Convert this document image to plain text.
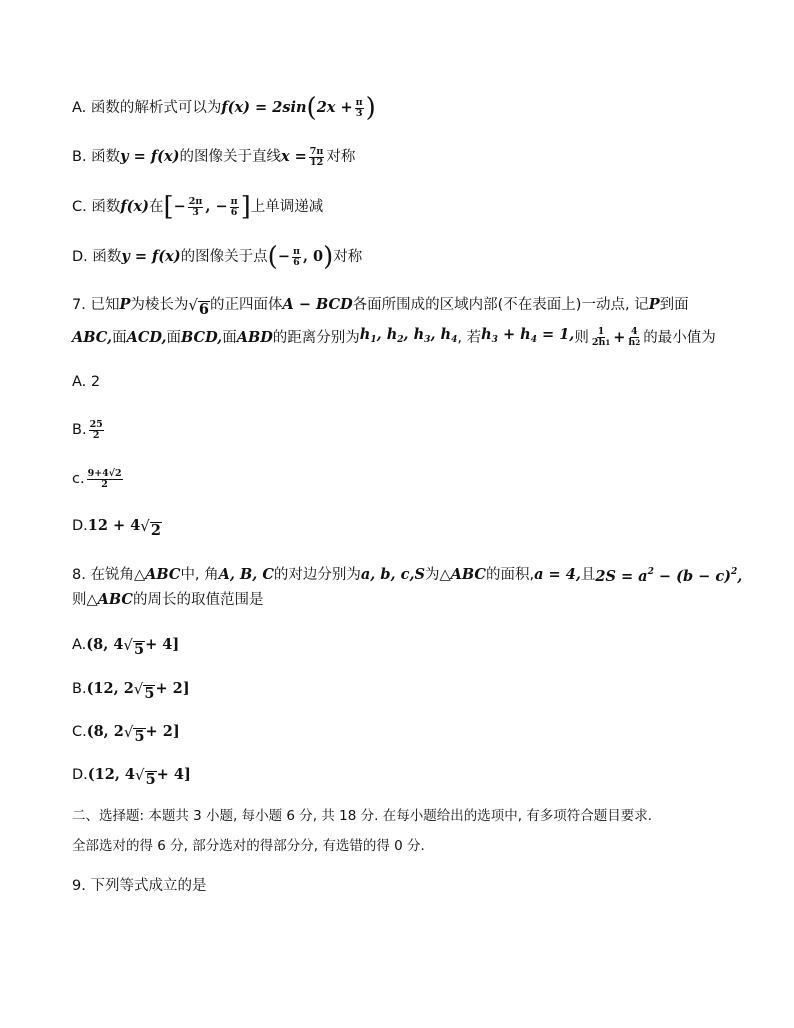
A. 函数的解析式可以为 f(x) = 2sin ( $2x + \frac{\pi}{3}$ )
B. 函数 y = f(x) 的图像关于直线 $x = \frac{7\pi}{12}$ 对称
C. 函数 f(x) 在 [ − $\frac{2\pi}{3}$ , − $\frac{\pi}{6}$ ] 上单调递减
D. 函数 y = f(x) 的图像关于点 ( − $\frac{\pi}{6}$ , 0 ) 对称
7. 已知 P 为棱长为 √ 6 的正四面体 A − BCD 各面所围成的区域内部(不在表面上)一动点, 记 P 到面
ABC, 面 ACD, 面 BCD, 面 ABD 的距离分别为 $h_1$, $h_2$, $h_3$, $h_4$ , 若 $h_3 + h_4 = 1$, 则 $\frac{1}{2h1} + \frac{4}{h2}$ 的最小值为
A. 2
B. $\frac{25}{2}$
c. $\frac{9+4√2}{2}$
D. 12 + 4 √ 2
8. 在锐角△ ABC 中, 角 A, B, C 的对边分别为 a, b, c, S 为△ ABC 的面积, a = 4, 且 $2S = a^2 - (b - c)^2$,
则△ ABC 的周长的取值范围是
A. (8, 4 √ 5 + 4]
B. (12, 2 √ 5 + 2]
C. (8, 2 √ 5 + 2]
D. (12, 4 √ 5 + 4]
二、选择题: 本题共 3 小题, 每小题 6 分, 共 18 分. 在每小题给出的选项中, 有多项符合题目要求.
全部选对的得 6 分, 部分选对的得部分分, 有选错的得 0 分.
9. 下列等式成立的是
